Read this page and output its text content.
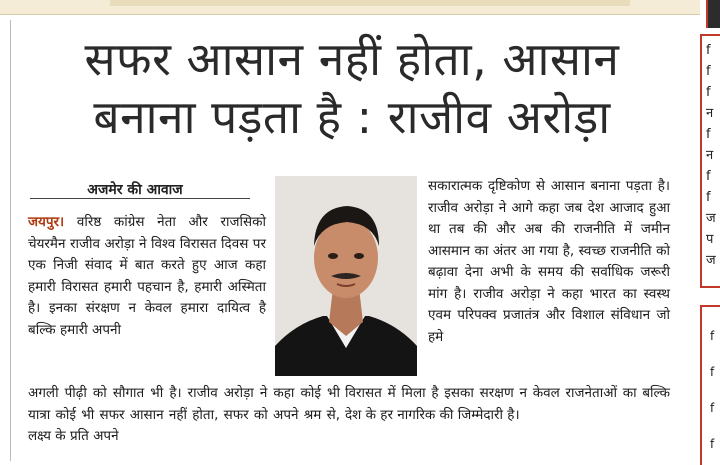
सफर आसान नहीं होता, आसान
बनाना पड़ता है : राजीव अरोड़ा
अजमेर की आवाज
जयपुर। वरिष्ठ कांग्रेस नेता और राजसिको चेयरमैन राजीव अरोड़ा ने विश्व विरासत दिवस पर एक निजी संवाद में बात करते हुए आज कहा हमारी विरासत हमारी पहचान है, हमारी अस्मिता है। इनका संरक्षण न केवल हमारा दायित्व है बल्कि हमारी अपनी
सकारात्मक दृष्टिकोण से आसान बनाना पड़ता है। राजीव अरोड़ा ने आगे कहा जब देश आजाद हुआ था तब की और अब की राजनीति में जमीन आसमान का अंतर आ गया है, स्वच्छ राजनीति को बढ़ावा देना अभी के समय की सर्वाधिक जरूरी मांग है। राजीव अरोड़ा ने कहा भारत का स्वस्थ एवम परिपक्व प्रजातंत्र और विशाल संविधान जो हमे
अगली पीढ़ी को सौगात भी है। राजीव अरोड़ा ने कहा कोई भी यात्रा कोई भी सफर आसान नहीं होता, सफर को अपने श्रम से, लक्ष्य के प्रति अपने
विरासत में मिला है इसका सरक्षण न केवल राजनेताओं का बल्कि देश के हर नागरिक की जिम्मेदारी है।
f
f
f
न
f
न
f
f
ज
प
ज
f
f
f
f
